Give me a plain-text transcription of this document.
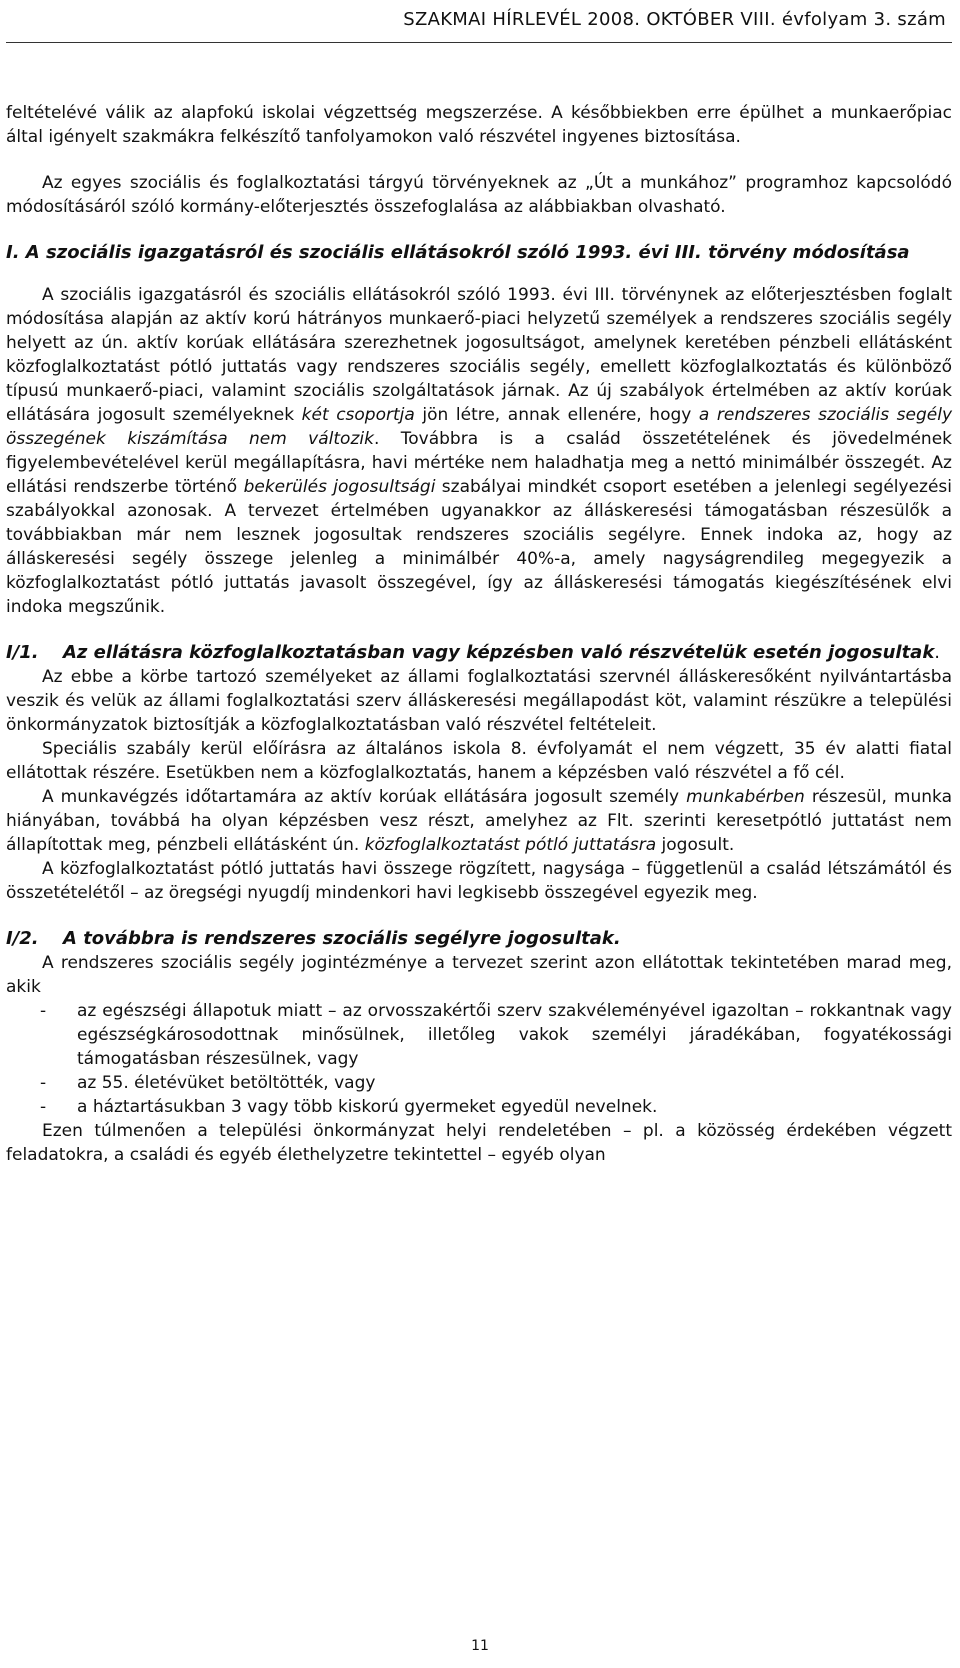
SZAKMAI HÍRLEVÉL 2008. OKTÓBER VIII. évfolyam 3. szám

feltételévé válik az alapfokú iskolai végzettség megszerzése. A későbbiekben erre épülhet a munkaerőpiac által igényelt szakmákra felkészítő tanfolyamokon való részvétel ingyenes biztosítása.

Az egyes szociális és foglalkoztatási tárgyú törvényeknek az „Út a munkához” programhoz kapcsolódó módosításáról szóló kormány-előterjesztés összefoglalása az alábbiakban olvasható.

I. A szociális igazgatásról és szociális ellátásokról szóló 1993. évi III. törvény módosítása

A szociális igazgatásról és szociális ellátásokról szóló 1993. évi III. törvénynek az előterjesztésben foglalt módosítása alapján az aktív korú hátrányos munkaerő-piaci helyzetű személyek a rendszeres szociális segély helyett az ún. aktív korúak ellátására szerezhetnek jogosultságot, amelynek keretében pénzbeli ellátásként közfoglalkoztatást pótló juttatás vagy rendszeres szociális segély, emellett közfoglalkoztatás és különböző típusú munkaerő-piaci, valamint szociális szolgáltatások járnak. Az új szabályok értelmében az aktív korúak ellátására jogosult személyeknek két csoportja jön létre, annak ellenére, hogy a rendszeres szociális segély összegének kiszámítása nem változik. Továbbra is a család összetételének és jövedelmének figyelembevételével kerül megállapításra, havi mértéke nem haladhatja meg a nettó minimálbér összegét. Az ellátási rendszerbe történő bekerülés jogosultsági szabályai mindkét csoport esetében a jelenlegi segélyezési szabályokkal azonosak. A tervezet értelmében ugyanakkor az álláskeresési támogatásban részesülők a továbbiakban már nem lesznek jogosultak rendszeres szociális segélyre. Ennek indoka az, hogy az álláskeresési segély összege jelenleg a minimálbér 40%-a, amely nagyságrendileg megegyezik a közfoglalkoztatást pótló juttatás javasolt összegével, így az álláskeresési támogatás kiegészítésének elvi indoka megszűnik.

I/1. Az ellátásra közfoglalkoztatásban vagy képzésben való részvételük esetén jogosultak.

Az ebbe a körbe tartozó személyeket az állami foglalkoztatási szervnél álláskeresőként nyilvántartásba veszik és velük az állami foglalkoztatási szerv álláskeresési megállapodást köt, valamint részükre a települési önkormányzatok biztosítják a közfoglalkoztatásban való részvétel feltételeit.

Speciális szabály kerül előírásra az általános iskola 8. évfolyamát el nem végzett, 35 év alatti fiatal ellátottak részére. Esetükben nem a közfoglalkoztatás, hanem a képzésben való részvétel a fő cél.

A munkavégzés időtartamára az aktív korúak ellátására jogosult személy munkabérben részesül, munka hiányában, továbbá ha olyan képzésben vesz részt, amelyhez az Flt. szerinti keresetpótló juttatást nem állapítottak meg, pénzbeli ellátásként ún. közfoglalkoztatást pótló juttatásra jogosult.

A közfoglalkoztatást pótló juttatás havi összege rögzített, nagysága – függetlenül a család létszámától és összetételétől – az öregségi nyugdíj mindenkori havi legkisebb összegével egyezik meg.

I/2. A továbbra is rendszeres szociális segélyre jogosultak.

A rendszeres szociális segély jogintézménye a tervezet szerint azon ellátottak tekintetében marad meg, akik

- az egészségi állapotuk miatt – az orvosszakértői szerv szakvéleményével igazoltan – rokkantnak vagy egészségkárosodottnak minősülnek, illetőleg vakok személyi járadékában, fogyatékossági támogatásban részesülnek, vagy
- az 55. életévüket betöltötték, vagy
- a háztartásukban 3 vagy több kiskorú gyermeket egyedül nevelnek.

Ezen túlmenően a települési önkormányzat helyi rendeletében – pl. a közösség érdekében végzett feladatokra, a családi és egyéb élethelyzetre tekintettel – egyéb olyan

11
